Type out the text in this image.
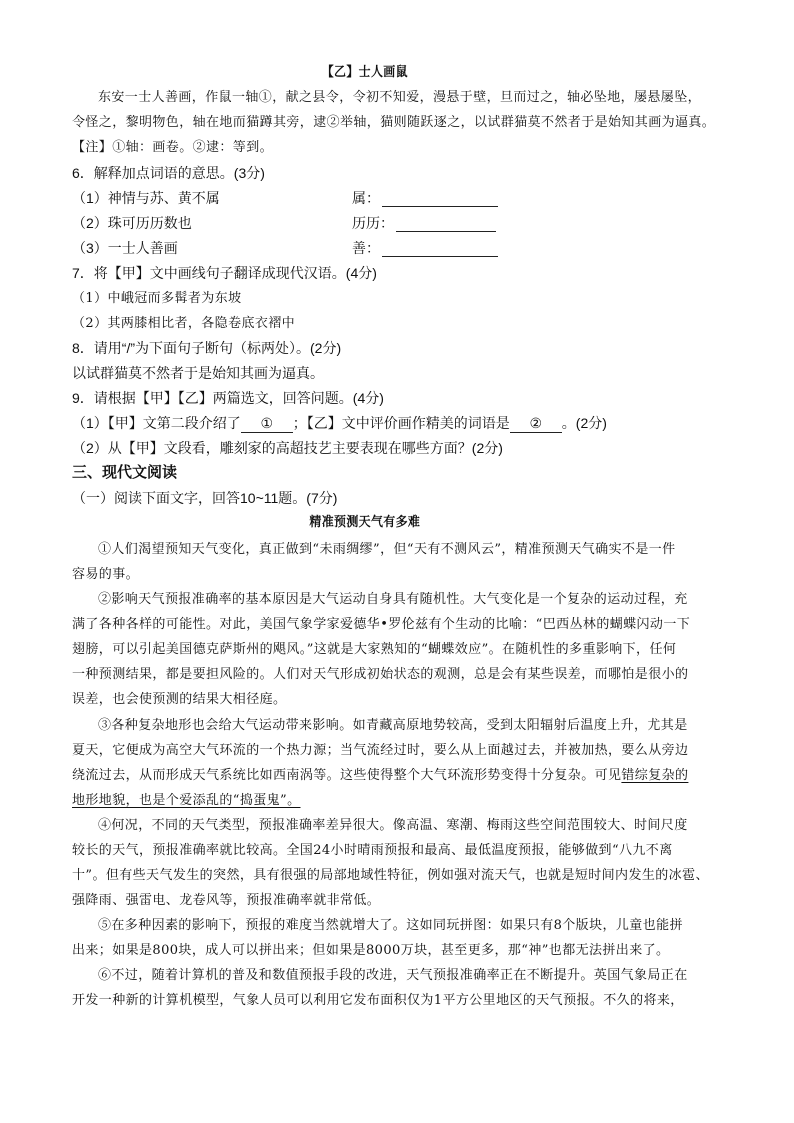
【乙】士人画鼠
东安一士人善画，作鼠一轴①，献之县令，令初不知爱，漫悬于壁，旦而过之，轴必坠地，屡悬屡坠，
令怪之，黎明物色，轴在地而猫蹲其旁，逮②举轴，猫则随跃逐之，以试群猫莫不然者于是始知其画为逼真。
【注】①轴：画卷。②逮：等到。
6．解释加点词语的意思。(3分)
（1）神情与苏、黄不属	属：
（2）珠可历历数也	历历：
（3）一士人善画	善：
7．将【甲】文中画线句子翻译成现代汉语。(4分)
（1）中峨冠而多髯者为东坡
（2）其两膝相比者，各隐卷底衣褶中
8．请用“/”为下面句子断句（标两处）。(2分)
以试群猫莫不然者于是始知其画为逼真。
9．请根据【甲】【乙】两篇选文，回答问题。(4分)
（1）【甲】文第二段介绍了 ① ；【乙】文中评价画作精美的词语是 ② 。(2分)
（2）从【甲】文段看，雕刻家的高超技艺主要表现在哪些方面？(2分)
三、现代文阅读
（一）阅读下面文字，回答10~11题。(7分)
精准预测天气有多难
①人们渴望预知天气变化，真正做到“未雨绸缪”，但“天有不测风云”，精准预测天气确实不是一件
容易的事。
②影响天气预报准确率的基本原因是大气运动自身具有随机性。大气变化是一个复杂的运动过程，充
满了各种各样的可能性。对此，美国气象学家爱德华•罗伦兹有个生动的比喻：“巴西丛林的蝴蝶闪动一下
翅膀，可以引起美国德克萨斯州的飓风。”这就是大家熟知的“蝴蝶效应”。在随机性的多重影响下，任何
一种预测结果，都是要担风险的。人们对天气形成初始状态的观测，总是会有某些误差，而哪怕是很小的
误差，也会使预测的结果大相径庭。
③各种复杂地形也会给大气运动带来影响。如青藏高原地势较高，受到太阳辐射后温度上升，尤其是
夏天，它便成为高空大气环流的一个热力源；当气流经过时，要么从上面越过去，并被加热，要么从旁边
绕流过去，从而形成天气系统比如西南涡等。这些使得整个大气环流形势变得十分复杂。可见错综复杂的
地形地貌，也是个爱添乱的“捣蛋鬼”。
④何况，不同的天气类型，预报准确率差异很大。像高温、寒潮、梅雨这些空间范围较大、时间尺度
较长的天气，预报准确率就比较高。全国24小时晴雨预报和最高、最低温度预报，能够做到“八九不离
十”。但有些天气发生的突然，具有很强的局部地域性特征，例如强对流天气，也就是短时间内发生的冰雹、
强降雨、强雷电、龙卷风等，预报准确率就非常低。
⑤在多种因素的影响下，预报的难度当然就增大了。这如同玩拼图：如果只有8个版块，儿童也能拼
出来；如果是800块，成人可以拼出来；但如果是8000万块，甚至更多，那“神”也都无法拼出来了。
⑥不过，随着计算机的普及和数值预报手段的改进，天气预报准确率正在不断提升。英国气象局正在
开发一种新的计算机模型，气象人员可以利用它发布面积仅为1平方公里地区的天气预报。不久的将来，
